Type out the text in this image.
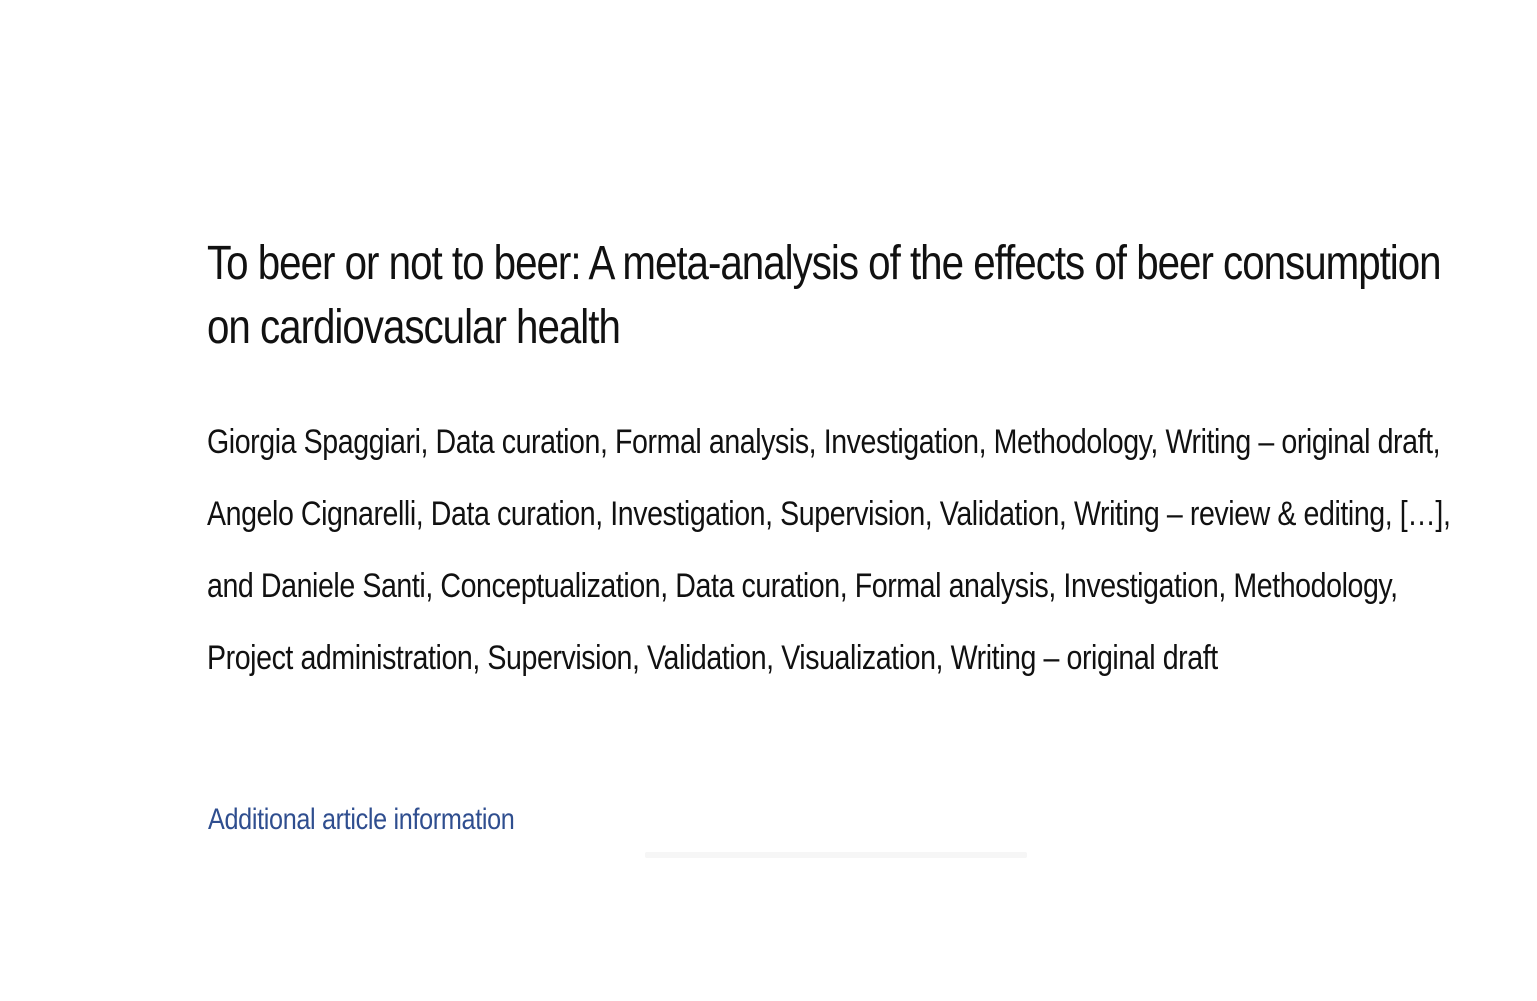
To beer or not to beer: A meta-analysis of the effects of beer consumption on cardiovascular health
Giorgia Spaggiari, Data curation, Formal analysis, Investigation, Methodology, Writing – original draft, Angelo Cignarelli, Data curation, Investigation, Supervision, Validation, Writing – review & editing, […], and Daniele Santi, Conceptualization, Data curation, Formal analysis, Investigation, Methodology, Project administration, Supervision, Validation, Visualization, Writing – original draft
Additional article information
